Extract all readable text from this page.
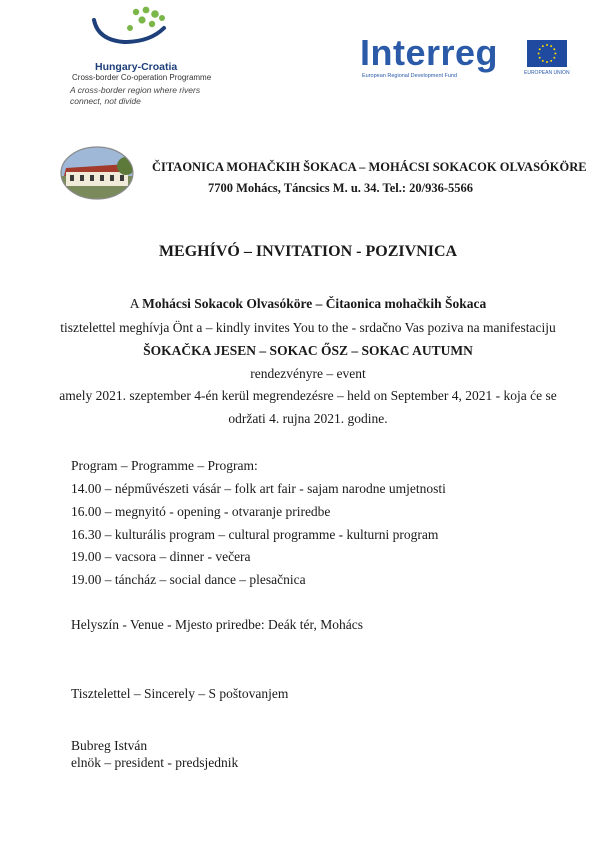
Hungary-Croatia
Cross-border Co-operation Programme
A cross-border region where rivers
connect, not divide
Interreg
European Regional Development Fund	EUROPEAN UNION
ČITAONICA MOHAČKIH ŠOKACA – MOHÁCSI SOKACOK OLVASÓKÖRE
7700 Mohács, Táncsics M. u. 34. Tel.: 20/936-5566
MEGHÍVÓ – INVITATION - POZIVNICA
A Mohácsi Sokacok Olvasóköre – Čitaonica mohačkih Šokaca
tisztelettel meghívja Önt a – kindly invites You to the - srdačno Vas poziva na manifestaciju
ŠOKAČKA JESEN – SOKAC ŐSZ – SOKAC AUTUMN
rendezvényre – event
amely 2021. szeptember 4-én kerül megrendezésre – held on September 4, 2021 - koja će se
održati 4. rujna 2021. godine.
Program – Programme – Program:
14.00 – népművészeti vásár – folk art fair - sajam narodne umjetnosti
16.00 – megnyitó - opening - otvaranje priredbe
16.30 – kulturális program – cultural programme - kulturni program
19.00 – vacsora – dinner - večera
19.00 – táncház – social dance – plesačnica
Helyszín - Venue - Mjesto priredbe: Deák tér, Mohács
Tisztelettel – Sincerely – S poštovanjem
Bubreg István
elnök – president - predsjednik
